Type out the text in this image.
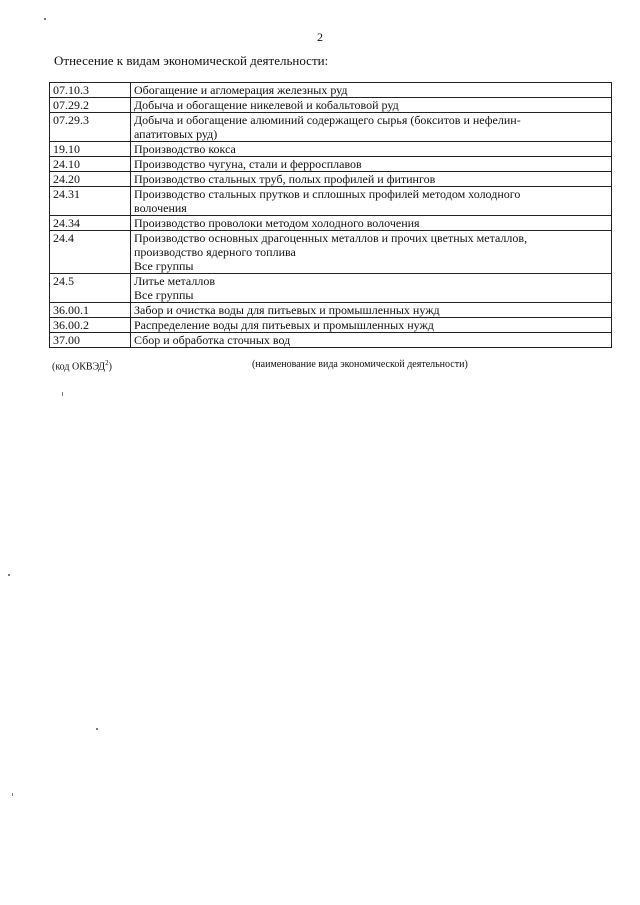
2
Отнесение к видам экономической деятельности:
07.10.3	Обогащение и агломерация железных руд

07.29.2	Добыча и обогащение никелевой и кобальтовой руд

07.29.3	Добыча и обогащение алюминий содержащего сырья (бокситов и нефелин-
апатитовых руд)

19.10	Производство кокса

24.10	Производство чугуна, стали и ферросплавов

24.20	Производство стальных труб, полых профилей и фитингов

24.31	Производство стальных прутков и сплошных профилей методом холодного
волочения

24.34	Производство проволоки методом холодного волочения

24.4	Производство основных драгоценных металлов и прочих цветных металлов,
производство ядерного топлива
Все группы

24.5	Литье металлов
Все группы

36.00.1	Забор и очистка воды для питьевых и промышленных нужд

36.00.2	Распределение воды для питьевых и промышленных нужд

37.00	Сбор и обработка сточных вод
(код ОКВЭД$^2$)	(наименование вида экономической деятельности)
